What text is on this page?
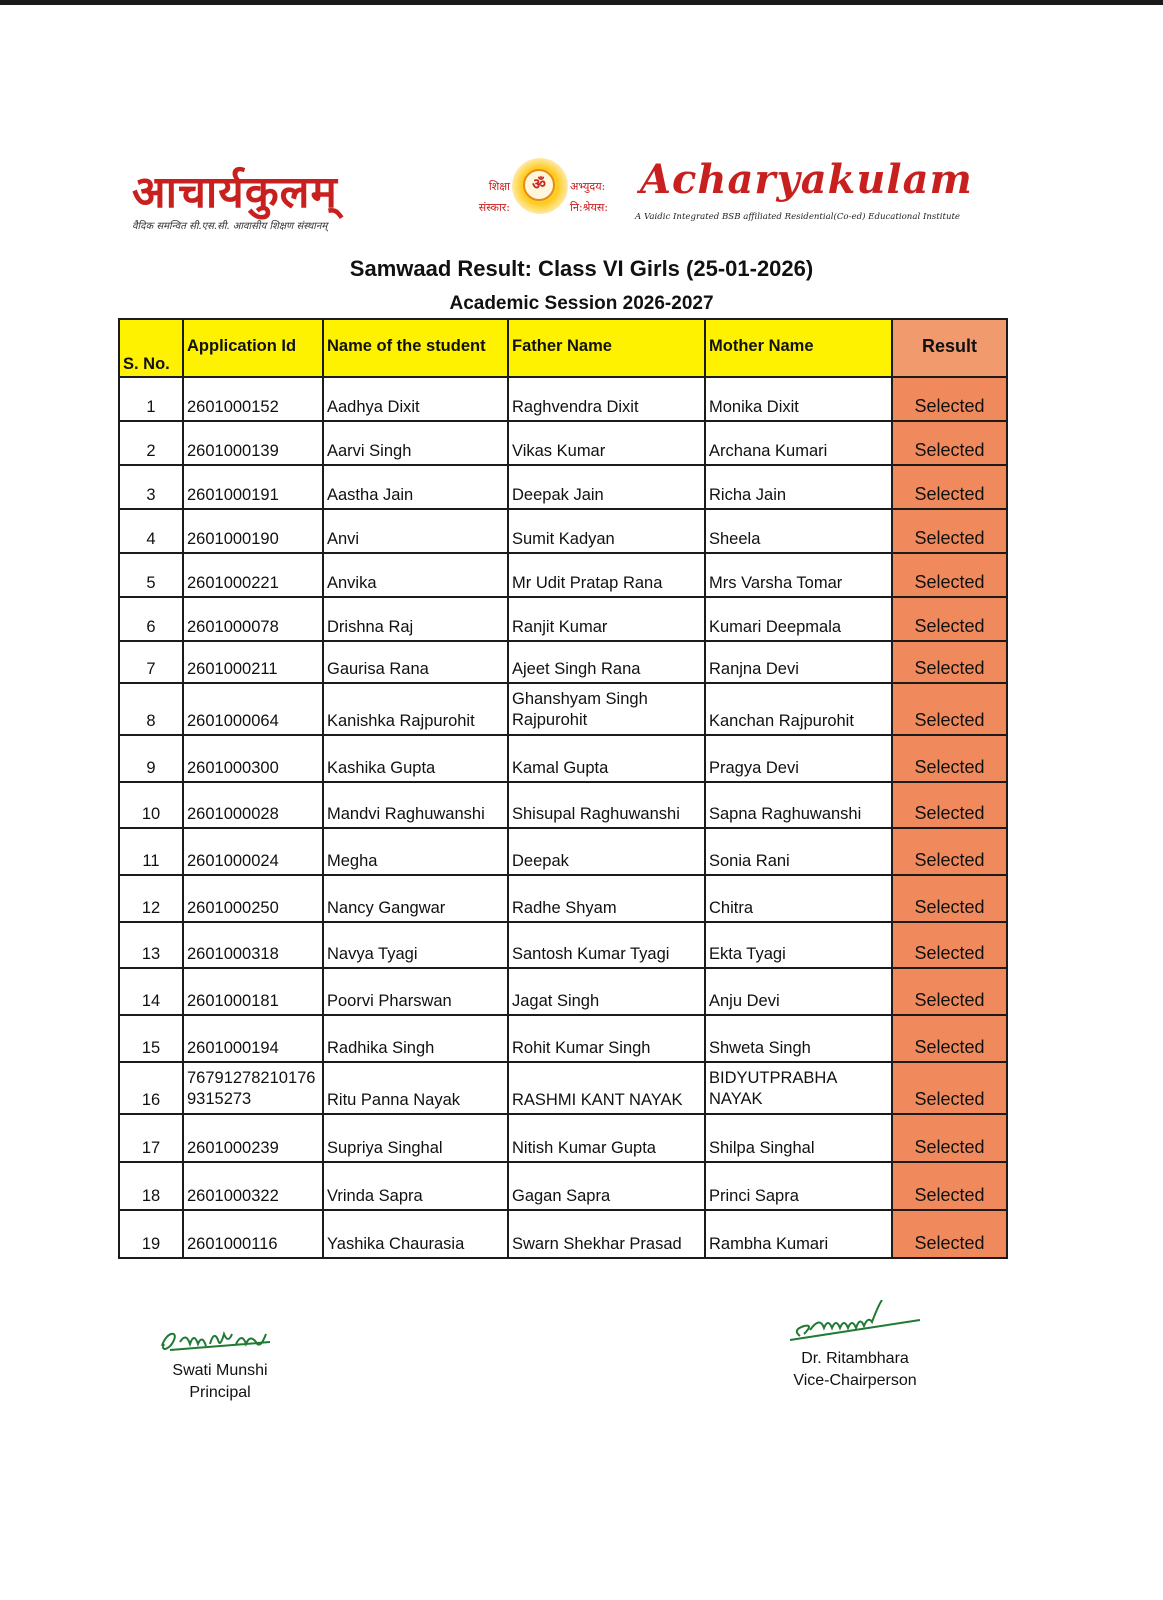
आचार्यकुलम्
वैदिक समन्वित सी.एस.सी. आवासीय शिक्षण संस्थानम्
शिक्षा
संस्कार:
ॐ	अभ्युदय:
नि:श्रेयस:
Acharyakulam
A Vaidic Integrated BSB affiliated Residential(Co-ed) Educational Institute
Samwaad Result: Class VI Girls (25-01-2026)
Academic Session 2026-2027
S. No.	Application Id	Name of the student	Father Name	Mother Name	Result
1	2601000152	Aadhya Dixit	Raghvendra Dixit	Monika Dixit	Selected
2	2601000139	Aarvi Singh	Vikas Kumar	Archana Kumari	Selected
3	2601000191	Aastha Jain	Deepak Jain	Richa Jain	Selected
4	2601000190	Anvi	Sumit Kadyan	Sheela	Selected
5	2601000221	Anvika	Mr Udit Pratap Rana	Mrs Varsha Tomar	Selected
6	2601000078	Drishna Raj	Ranjit Kumar	Kumari Deepmala	Selected
7	2601000211	Gaurisa Rana	Ajeet Singh Rana	Ranjna Devi	Selected
8	2601000064	Kanishka Rajpurohit	Ghanshyam Singh Rajpurohit	Kanchan Rajpurohit	Selected
9	2601000300	Kashika Gupta	Kamal Gupta	Pragya Devi	Selected
10	2601000028	Mandvi Raghuwanshi	Shisupal Raghuwanshi	Sapna Raghuwanshi	Selected
11	2601000024	Megha	Deepak	Sonia Rani	Selected
12	2601000250	Nancy Gangwar	Radhe Shyam	Chitra	Selected
13	2601000318	Navya Tyagi	Santosh Kumar Tyagi	Ekta Tyagi	Selected
14	2601000181	Poorvi Pharswan	Jagat Singh	Anju Devi	Selected
15	2601000194	Radhika Singh	Rohit Kumar Singh	Shweta Singh	Selected
16	767912782101769315273	Ritu Panna Nayak	RASHMI KANT NAYAK	BIDYUTPRABHA NAYAK	Selected
17	2601000239	Supriya Singhal	Nitish Kumar Gupta	Shilpa Singhal	Selected
18	2601000322	Vrinda Sapra	Gagan Sapra	Princi Sapra	Selected
19	2601000116	Yashika Chaurasia	Swarn Shekhar Prasad	Rambha Kumari	Selected
Swati Munshi
Principal
Dr. Ritambhara
Vice-Chairperson
